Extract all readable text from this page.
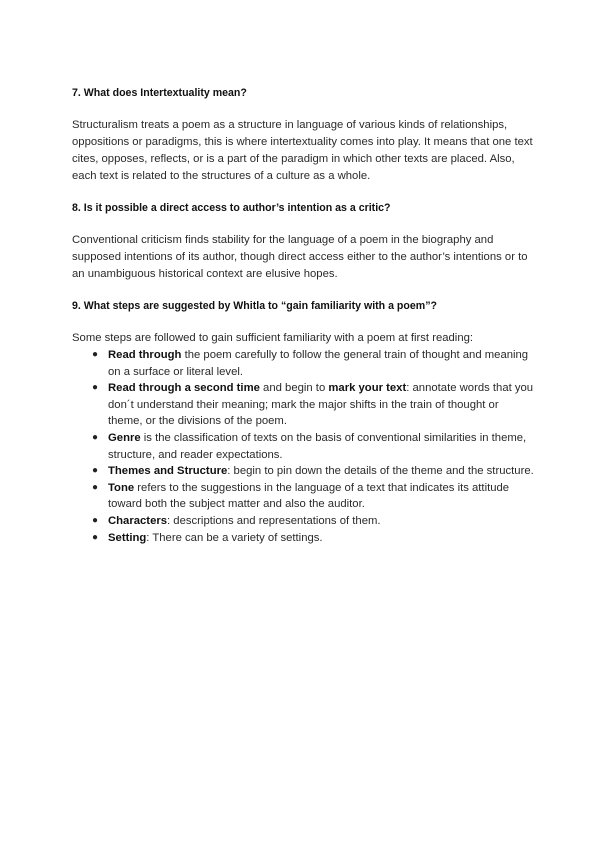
7. What does Intertextuality mean?

Structuralism treats a poem as a structure in language of various kinds of relationships, oppositions or paradigms, this is where intertextuality comes into play. It means that one text cites, opposes, reflects, or is a part of the paradigm in which other texts are placed. Also, each text is related to the structures of a culture as a whole.

8. Is it possible a direct access to author’s intention as a critic?

Conventional criticism finds stability for the language of a poem in the biography and supposed intentions of its author, though direct access either to the author’s intentions or to an unambiguous historical context are elusive hopes.

9. What steps are suggested by Whitla to “gain familiarity with a poem”?

Some steps are followed to gain sufficient familiarity with a poem at first reading:

● Read through the poem carefully to follow the general train of thought and meaning on a surface or literal level.
● Read through a second time and begin to mark your text: annotate words that you don´t understand their meaning; mark the major shifts in the train of thought or theme, or the divisions of the poem.
● Genre is the classification of texts on the basis of conventional similarities in theme, structure, and reader expectations.
● Themes and Structure: begin to pin down the details of the theme and the structure.
● Tone refers to the suggestions in the language of a text that indicates its attitude toward both the subject matter and also the auditor.
● Characters: descriptions and representations of them.
● Setting: There can be a variety of settings.
